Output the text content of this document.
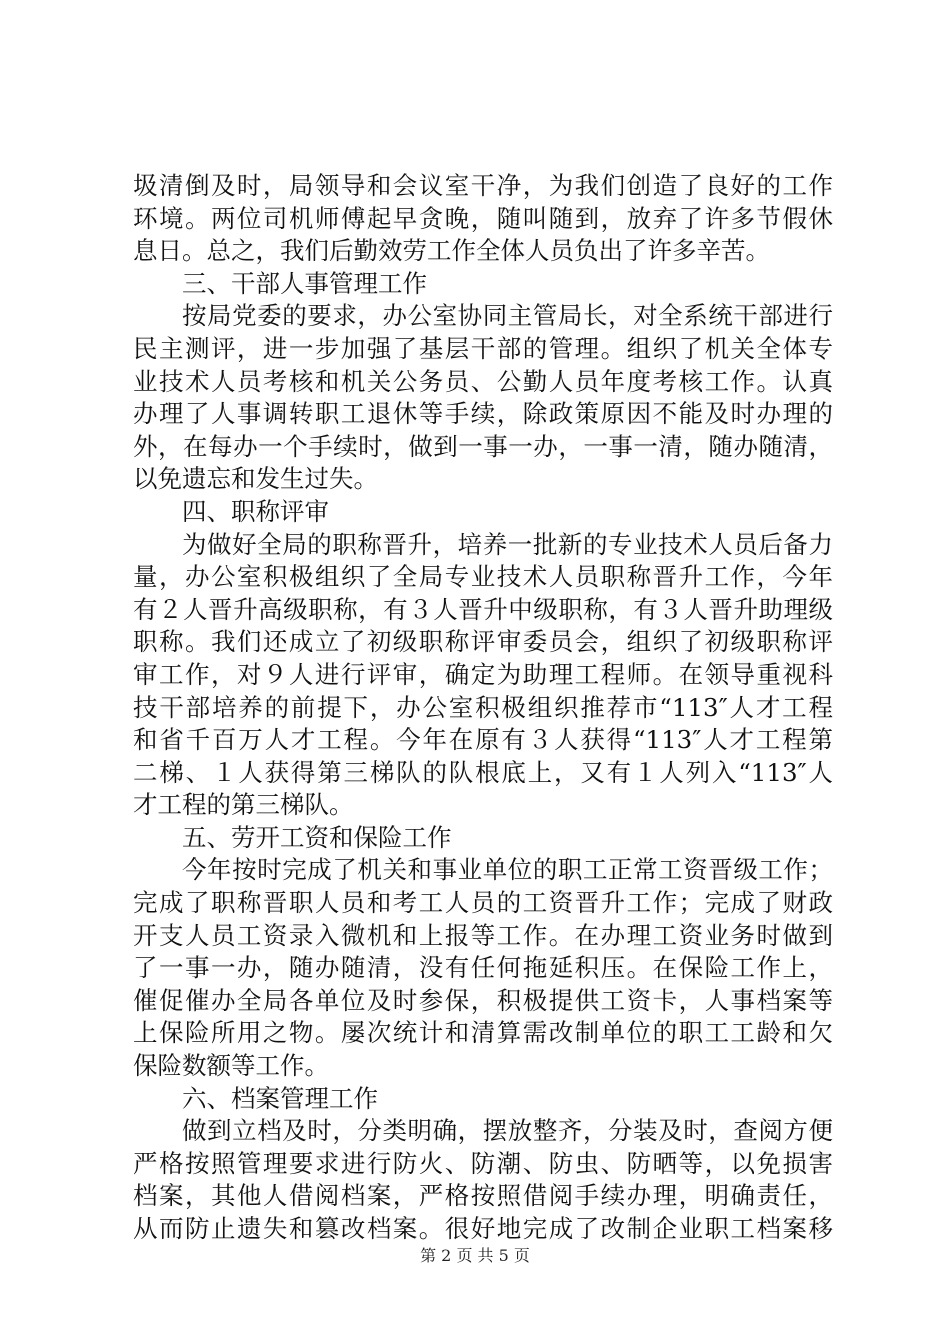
圾清倒及时，局领导和会议室干净，为我们创造了良好的工作
环境。两位司机师傅起早贪晚，随叫随到，放弃了许多节假休
息日。总之，我们后勤效劳工作全体人员负出了许多辛苦。
三、干部人事管理工作
按局党委的要求，办公室协同主管局长，对全系统干部进行
民主测评，进一步加强了基层干部的管理。组织了机关全体专
业技术人员考核和机关公务员、公勤人员年度考核工作。认真
办理了人事调转职工退休等手续，除政策原因不能及时办理的
外，在每办一个手续时，做到一事一办，一事一清，随办随清，
以免遗忘和发生过失。
四、职称评审
为做好全局的职称晋升，培养一批新的专业技术人员后备力
量，办公室积极组织了全局专业技术人员职称晋升工作，今年
有２人晋升高级职称，有３人晋升中级职称，有３人晋升助理级
职称。我们还成立了初级职称评审委员会，组织了初级职称评
审工作，对９人进行评审，确定为助理工程师。在领导重视科
技干部培养的前提下，办公室积极组织推荐市“113″人才工程
和省千百万人才工程。今年在原有３人获得“113″人才工程第
二梯、１人获得第三梯队的队根底上，又有１人列入“113″人
才工程的第三梯队。
五、劳开工资和保险工作
今年按时完成了机关和事业单位的职工正常工资晋级工作；
完成了职称晋职人员和考工人员的工资晋升工作；完成了财政
开支人员工资录入微机和上报等工作。在办理工资业务时做到
了一事一办，随办随清，没有任何拖延积压。在保险工作上，
催促催办全局各单位及时参保，积极提供工资卡，人事档案等
上保险所用之物。屡次统计和清算需改制单位的职工工龄和欠
保险数额等工作。
六、档案管理工作
做到立档及时，分类明确，摆放整齐，分装及时，查阅方便
严格按照管理要求进行防火、防潮、防虫、防晒等，以免损害
档案，其他人借阅档案，严格按照借阅手续办理，明确责任，
从而防止遗失和篡改档案。很好地完成了改制企业职工档案移
第 2 页 共 5 页
